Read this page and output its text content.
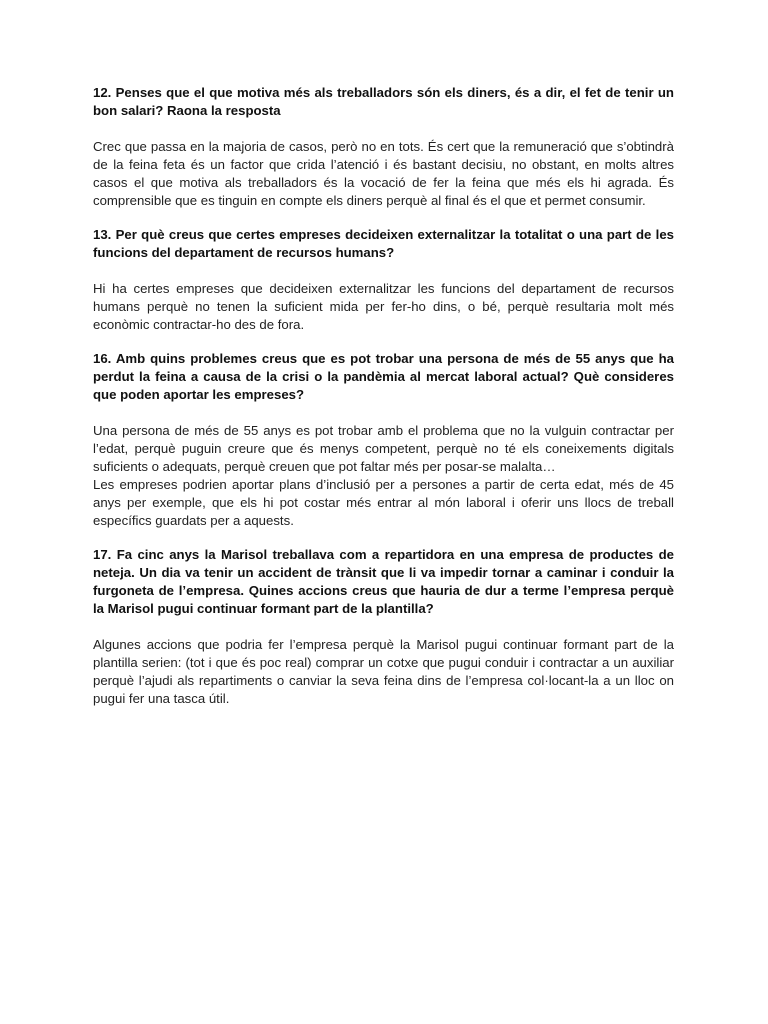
12. Penses que el que motiva més als treballadors són els diners, és a dir, el fet de tenir un bon salari? Raona la resposta

Crec que passa en la majoria de casos, però no en tots. És cert que la remuneració que s’obtindrà de la feina feta és un factor que crida l’atenció i és bastant decisiu, no obstant, en molts altres casos el que motiva als treballadors és la vocació de fer la feina que més els hi agrada. És comprensible que es tinguin en compte els diners perquè al final és el que et permet consumir.

13. Per què creus que certes empreses decideixen externalitzar la totalitat o una part de les funcions del departament de recursos humans?

Hi ha certes empreses que decideixen externalitzar les funcions del departament de recursos humans perquè no tenen la suficient mida per fer-ho dins, o bé, perquè resultaria molt més econòmic contractar-ho des de fora.

16. Amb quins problemes creus que es pot trobar una persona de més de 55 anys que ha perdut la feina a causa de la crisi o la pandèmia al mercat laboral actual? Què consideres que poden aportar les empreses?

Una persona de més de 55 anys es pot trobar amb el problema que no la vulguin contractar per l’edat, perquè puguin creure que és menys competent, perquè no té els coneixements digitals suficients o adequats, perquè creuen que pot faltar més per posar-se malalta…

Les empreses podrien aportar plans d’inclusió per a persones a partir de certa edat, més de 45 anys per exemple, que els hi pot costar més entrar al món laboral i oferir uns llocs de treball específics guardats per a aquests.

17. Fa cinc anys la Marisol treballava com a repartidora en una empresa de productes de neteja. Un dia va tenir un accident de trànsit que li va impedir tornar a caminar i conduir la furgoneta de l’empresa. Quines accions creus que hauria de dur a terme l’empresa perquè la Marisol pugui continuar formant part de la plantilla?

Algunes accions que podria fer l’empresa perquè la Marisol pugui continuar formant part de la plantilla serien: (tot i que és poc real) comprar un cotxe que pugui conduir i contractar a un auxiliar perquè l’ajudi als repartiments o canviar la seva feina dins de l’empresa col·locant-la a un lloc on pugui fer una tasca útil.
